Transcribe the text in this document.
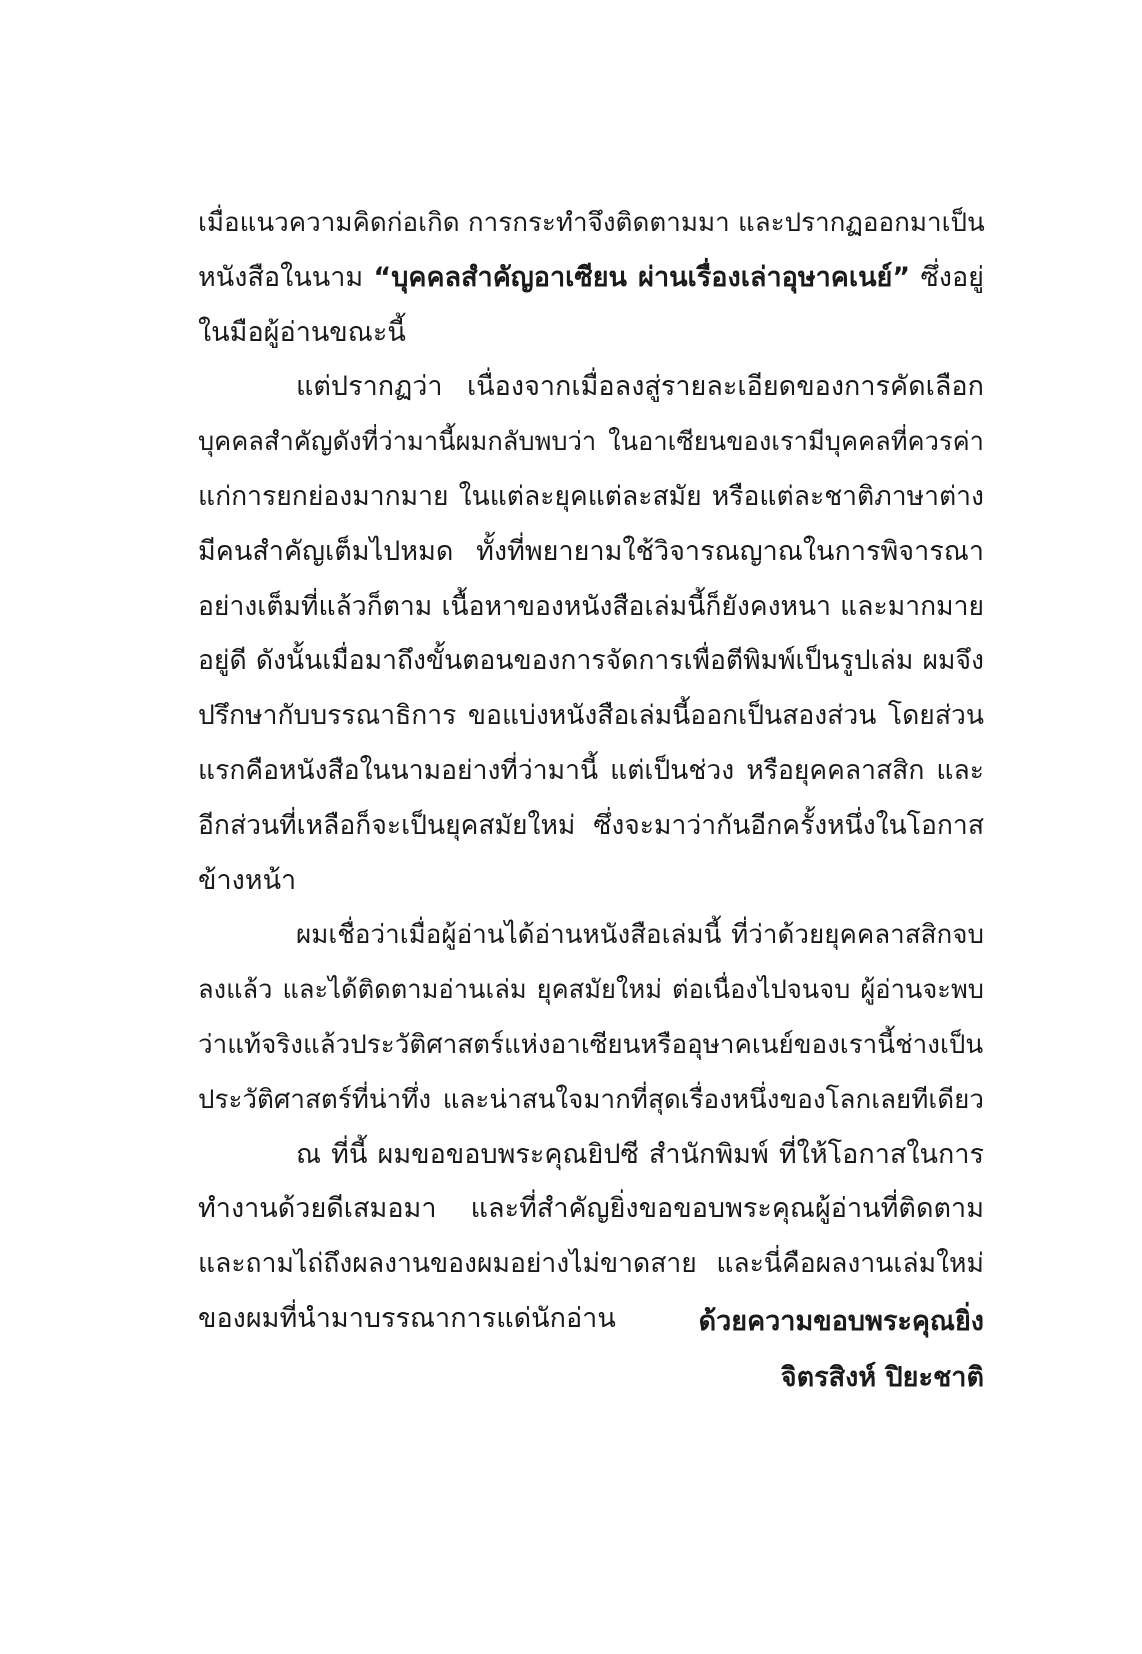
เมื่อแนวความคิดก่อเกิด การกระทำจึงติดตามมา และปรากฏออกมาเป็น
หนังสือในนาม “บุคคลสำคัญอาเซียน ผ่านเรื่องเล่าอุษาคเนย์” ซึ่งอยู่
ในมือผู้อ่านขณะนี้
แต่ปรากฏว่า เนื่องจากเมื่อลงสู่รายละเอียดของการคัดเลือก
บุคคลสำคัญดังที่ว่ามานี้ผมกลับพบว่า ในอาเซียนของเรามีบุคคลที่ควรค่า
แก่การยกย่องมากมาย ในแต่ละยุคแต่ละสมัย หรือแต่ละชาติภาษาต่าง
มีคนสำคัญเต็มไปหมด ทั้งที่พยายามใช้วิจารณญาณในการพิจารณา
อย่างเต็มที่แล้วก็ตาม เนื้อหาของหนังสือเล่มนี้ก็ยังคงหนา และมากมาย
อยู่ดี ดังนั้นเมื่อมาถึงขั้นตอนของการจัดการเพื่อตีพิมพ์เป็นรูปเล่ม ผมจึง
ปรึกษากับบรรณาธิการ ขอแบ่งหนังสือเล่มนี้ออกเป็นสองส่วน โดยส่วน
แรกคือหนังสือในนามอย่างที่ว่ามานี้ แต่เป็นช่วง หรือยุคคลาสสิก และ
อีกส่วนที่เหลือก็จะเป็นยุคสมัยใหม่ ซึ่งจะมาว่ากันอีกครั้งหนึ่งในโอกาส
ข้างหน้า
ผมเชื่อว่าเมื่อผู้อ่านได้อ่านหนังสือเล่มนี้ ที่ว่าด้วยยุคคลาสสิกจบ
ลงแล้ว และได้ติดตามอ่านเล่ม ยุคสมัยใหม่ ต่อเนื่องไปจนจบ ผู้อ่านจะพบ
ว่าแท้จริงแล้วประวัติศาสตร์แห่งอาเซียนหรืออุษาคเนย์ของเรานี้ช่างเป็น
ประวัติศาสตร์ที่น่าทึ่ง และน่าสนใจมากที่สุดเรื่องหนึ่งของโลกเลยทีเดียว
ณ ที่นี้ ผมขอขอบพระคุณยิปซี สำนักพิมพ์ ที่ให้โอกาสในการ
ทำงานด้วยดีเสมอมา และที่สำคัญยิ่งขอขอบพระคุณผู้อ่านที่ติดตาม
และถามไถ่ถึงผลงานของผมอย่างไม่ขาดสาย และนี่คือผลงานเล่มใหม่
ของผมที่นำมาบรรณาการแด่นักอ่าน	ด้วยความขอบพระคุณยิ่ง
จิตรสิงห์ ปิยะชาติ
